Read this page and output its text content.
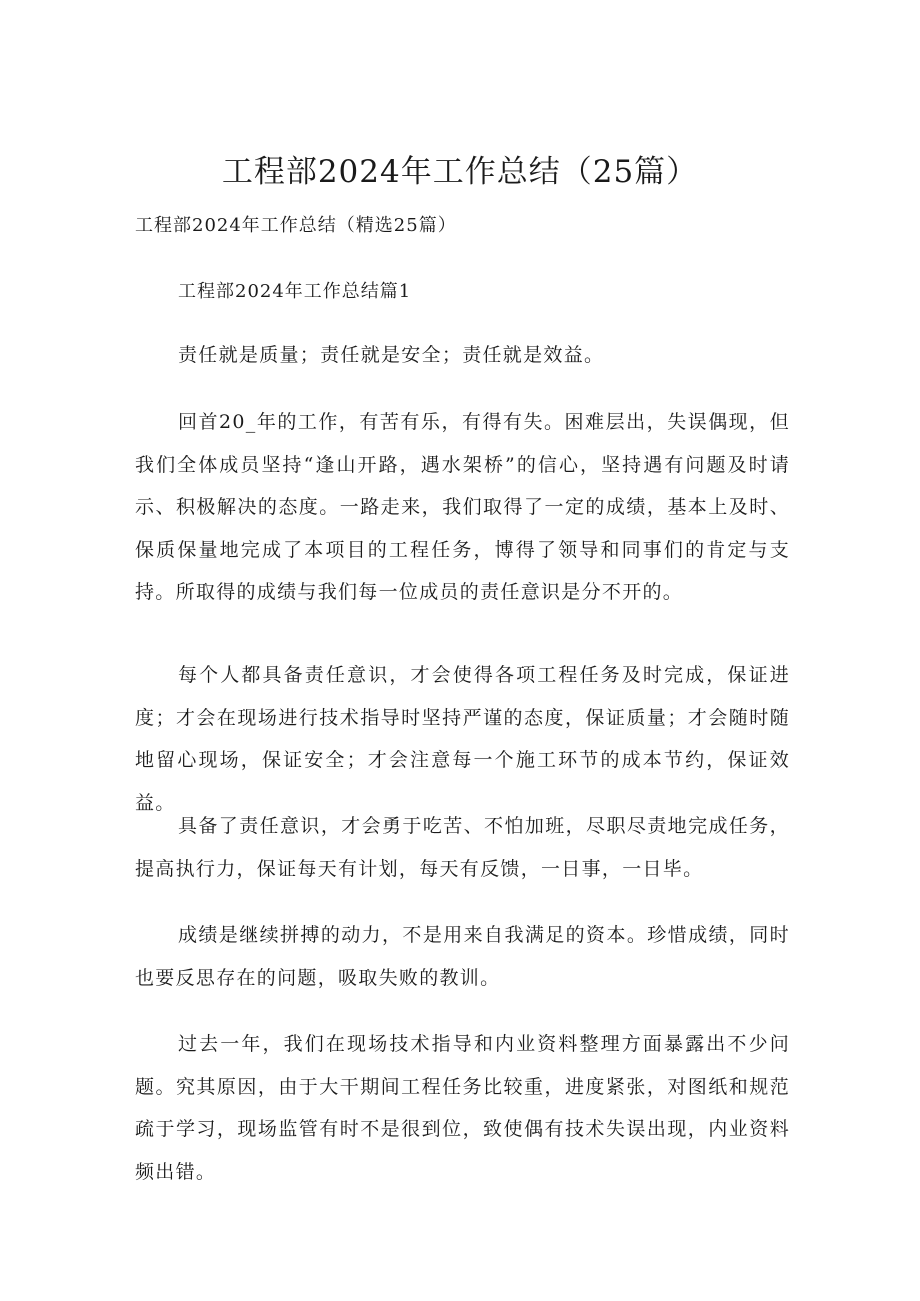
工程部2024年工作总结（25篇）

工程部2024年工作总结（精选25篇）

工程部2024年工作总结篇1

责任就是质量；责任就是安全；责任就是效益。

回首20_年的工作，有苦有乐，有得有失。困难层出，失误偶现，但我们全体成员坚持“逢山开路，遇水架桥”的信心，坚持遇有问题及时请示、积极解决的态度。一路走来，我们取得了一定的成绩，基本上及时、保质保量地完成了本项目的工程任务，博得了领导和同事们的肯定与支持。所取得的成绩与我们每一位成员的责任意识是分不开的。

每个人都具备责任意识，才会使得各项工程任务及时完成，保证进度；才会在现场进行技术指导时坚持严谨的态度，保证质量；才会随时随地留心现场，保证安全；才会注意每一个施工环节的成本节约，保证效益。

具备了责任意识，才会勇于吃苦、不怕加班，尽职尽责地完成任务，提高执行力，保证每天有计划，每天有反馈，一日事，一日毕。

成绩是继续拼搏的动力，不是用来自我满足的资本。珍惜成绩，同时也要反思存在的问题，吸取失败的教训。

过去一年，我们在现场技术指导和内业资料整理方面暴露出不少问题。究其原因，由于大干期间工程任务比较重，进度紧张，对图纸和规范疏于学习，现场监管有时不是很到位，致使偶有技术失误出现，内业资料频出错。
